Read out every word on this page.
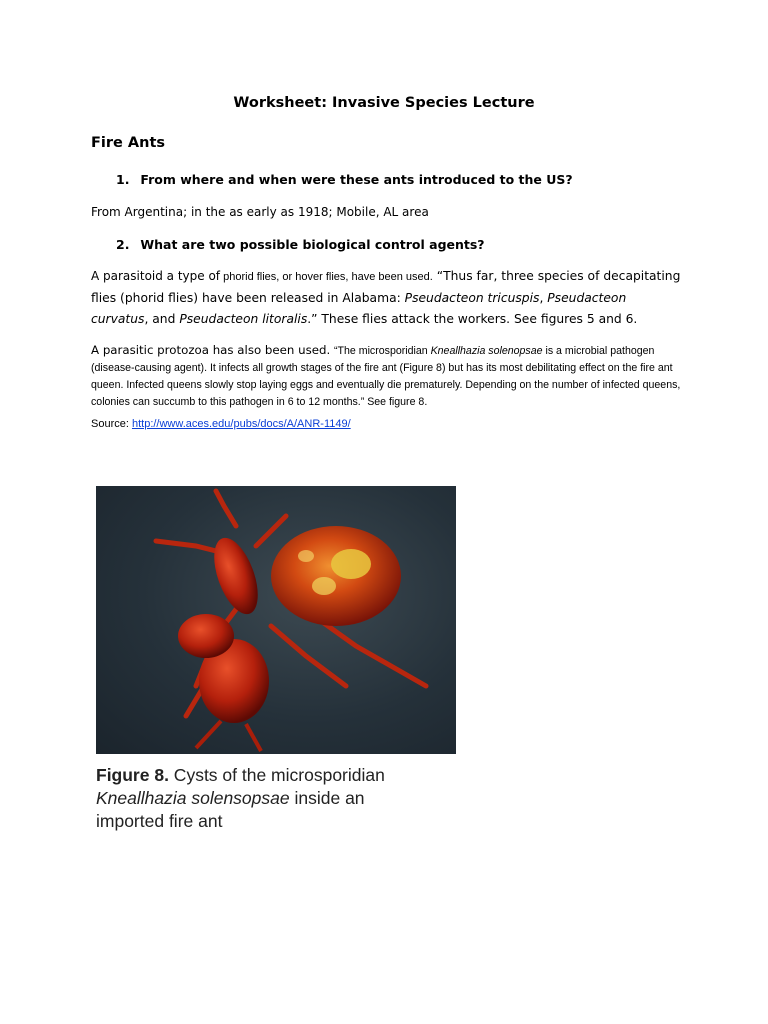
Worksheet: Invasive Species Lecture
Fire Ants
1. From where and when were these ants introduced to the US?
From Argentina; in the as early as 1918; Mobile, AL area
2. What are two possible biological control agents?
A parasitoid a type of phorid flies, or hover flies, have been used. “Thus far, three species of decapitating flies (phorid flies) have been released in Alabama: Pseudacteon tricuspis, Pseudacteon curvatus, and Pseudacteon litoralis.” These flies attack the workers. See figures 5 and 6.
A parasitic protozoa has also been used. “The microsporidian Kneallhazia solenopsae is a microbial pathogen (disease-causing agent). It infects all growth stages of the fire ant (Figure 8) but has its most debilitating effect on the fire ant queen. Infected queens slowly stop laying eggs and eventually die prematurely. Depending on the number of infected queens, colonies can succumb to this pathogen in 6 to 12 months.” See figure 8.
Source: http://www.aces.edu/pubs/docs/A/ANR-1149/
Figure 8. Cysts of the microsporidian Kneallhazia solensopsae inside an imported fire ant
